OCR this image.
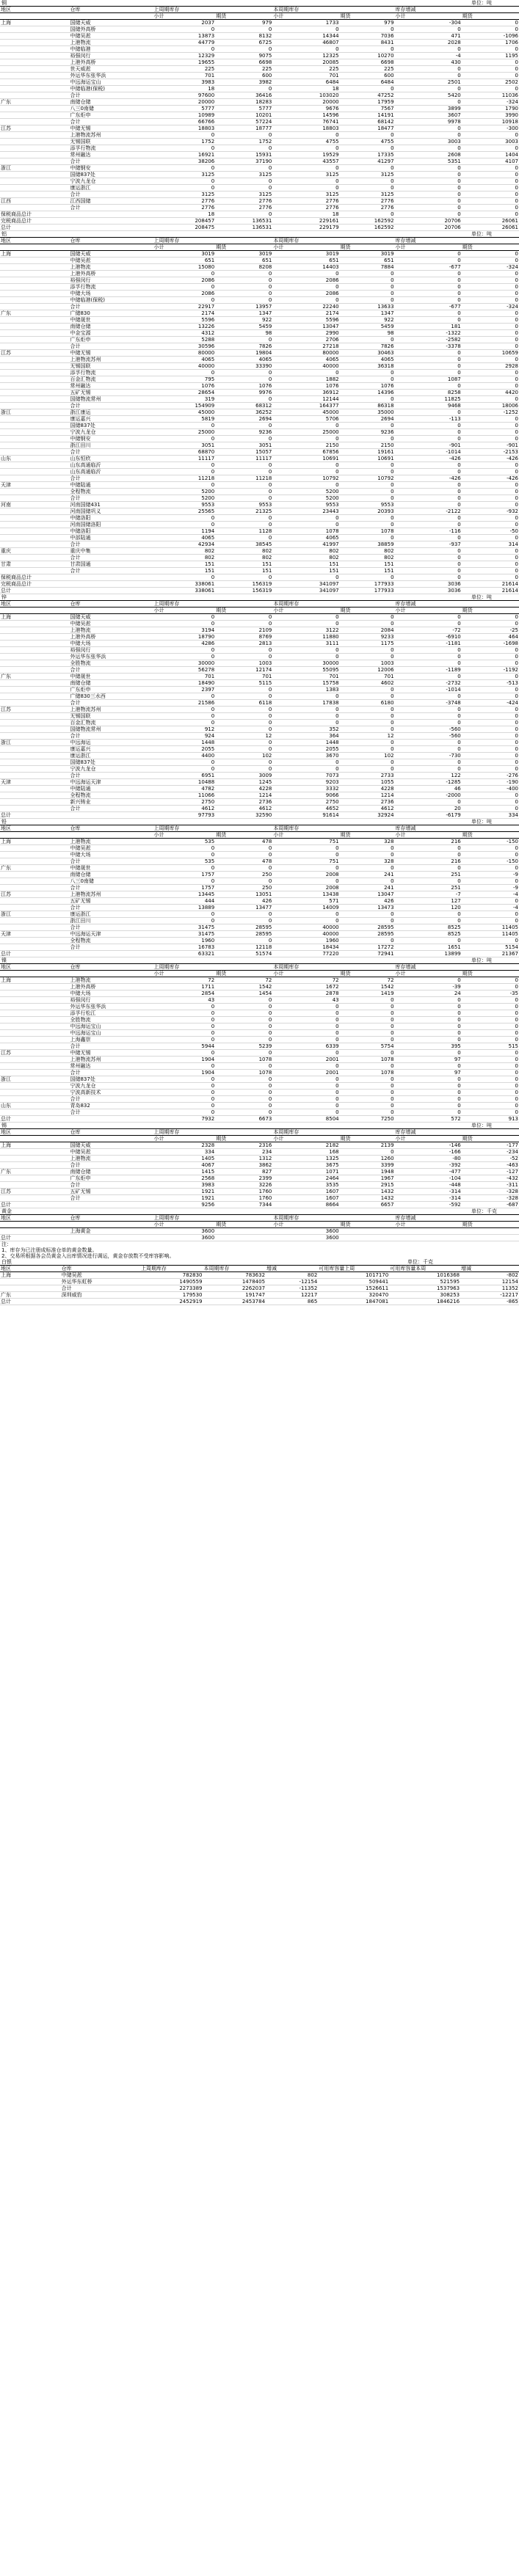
铜	单位：吨
地区	仓库	上周期库存		本周期库存		库存增减	
		小计	期货	小计	期货	小计	期货
上海	国储天威	2037	979	1733	979	-304	0
	国储外高桥	0	0	0	0	0	0
	中储吴淞	13873	8132	14344	7036	471	-1096
	上港物流	44779	6725	46807	8431	2028	1706
	中储临港	0	0	0	0	0	0
	裕强闵行	12329	9075	12325	10270	-4	1195
	上港外高桥	19655	6698	20085	6698	430	0
	世天威淞	225	225	225	225	0	0
	外运华东张华浜	701	600	701	600	0	0
	中远海运宝山	3983	3982	6484	6484	2501	2502
	中储临港(保税)	18	0	18	0	0	0
	合计	97600	36416	103020	47252	5420	11036
广东	南储仓储	20000	18283	20000	17959	0	-324
	八三0南储	5777	5777	9676	7567	3899	1790
	广东炬申	10989	10201	14596	14191	3607	3990
	合计	66766	57224	76741	68142	9978	10918
江苏	中储无锡	18803	18777	18803	18477	0	-300
	上港物流苏州	0	0	0	0	0	0
	无锡国联	1752	1752	4755	4755	3003	3003
	添孚行物流	0	0	0	0	0	0
	常州融达	16921	15931	19529	17335	2608	1404
	合计	38206	37190	43557	41297	5351	4107
浙江	中储钢安	0	0	0	0	0	0
	国储837处	3125	3125	3125	3125	0	0
	宁波九龙仓	0	0	0	0	0	0
	康运浙江	0	0	0	0	0	0
	合计	3125	3125	3125	3125	0	0
江西	江西国储	2776	2776	2776	2776	0	0
	合计	2776	2776	2776	2776	0	0
保税商品总计		18	0	18	0	0	0
完税商品总计		208457	136531	229161	162592	20706	26061
总计		208475	136531	229179	162592	20706	26061
铝	单位：吨
地区	仓库	上周期库存		本周期库存		库存增减	
		小计	期货	小计	期货	小计	期货
上海	国储天威	3019	3019	3019	3019	0	0
	中储吴淞	651	651	651	651	0	0
	上港物流	15080	8208	14403	7884	-677	-324
	上港外高桥	0	0	0	0	0	0
	裕强闵行	2086	0	2086	0	0	0
	添孚行物流	0	0	0	0	0	0
	中储大场	2086	0	2086	0	0	0
	中储临港(保税)	0	0	0	0	0	0
	合计	22917	13957	22240	13633	-677	-324
广东	广储830	2174	1347	2174	1347	0	0
	中储晟世	5596	922	5596	922	0	0
	南储仓储	13226	5459	13047	5459	181	0
	中金宝源	4312	98	2990	98	-1322	0
	广东炬申	5288	0	2706	0	-2582	0
	合计	30596	7826	27218	7826	-3378	0
江苏	中储无锡	80000	19804	80000	30463	0	10659
	上港物流苏州	4065	4065	4065	4065	0	0
	无锡国联	40000	33390	40000	36318	0	2928
	添孚行物流	0	0	0	0	0	0
	百金汇物流	795	0	1882	0	1087	0
	常州融达	1076	1076	1076	1076	0	0
	五矿无锡	28654	9976	36912	14396	8258	4420
	国储物流常州	319	0	12144	0	11825	0
	合计	154909	68312	164377	86318	9468	18006
浙江	浙江康运	45000	36252	45000	35000	0	-1252
	康运嘉兴	5819	2694	5706	2694	-113	0
	国储837处	0	0	0	0	0	0
	宁波九龙仓	25000	9236	25000	9236	0	0
	中储钢安	0	0	0	0	0	0
	浙江田川	3051	3051	2150	2150	-901	-901
	合计	68870	15057	67856	19161	-1014	-2153
山东	山东恒欣	11117	11117	10691	10691	-426	-426
	山东高通临沂	0	0	0	0	0	0
	山东高通临沂	0	0	0	0	0	0
	合计	11218	11218	10792	10792	-426	-426
天津	中储陆通	0	0	0	0	0	0
	全程物流	5200	0	5200	0	0	0
	合计	5200	0	5200	0	0	0
河南	河南国储431	9553	9553	9553	9553	0	0
	河南国储巩义	25565	21325	23443	20393	-2122	-932
	中储洛阳	0	0	0	0	0	0
	河南国储洛阳	0	0	0	0	0	0
	中储洛阳	1194	1128	1078	1078	-116	-50
	中部陆通	4065	0	4065	0	0	0
	合计	42934	38545	41997	38859	-937	314
重庆	重庆中集	802	802	802	802	0	0
	合计	802	802	802	802	0	0
甘肃	甘肃国通	151	151	151	151	0	0
	合计	151	151	151	151	0	0
保税商品总计		0	0	0	0	0	0
完税商品总计		338061	156319	341097	177933	3036	21614
总计		338061	156319	341097	177933	3036	21614
锌	单位：吨
地区	仓库	上周期库存		本周期库存		库存增减	
		小计	期货	小计	期货	小计	期货
上海	国储天威	0	0	0	0	0	0
	中储吴淞	0	0	0	0	0	0
	上港物流	3194	2109	3122	2084	-72	-25
	上港外高桥	18790	8769	11880	9233	-6910	464
	中储大场	4286	2813	3111	1175	-1181	-1698
	裕强闵行	0	0	0	0	0	0
	外运华东张华浜	0	0	0	0	0	0
	全胜物流	30000	1003	30000	1003	0	0
	合计	56278	12174	55095	12006	-1189	-1192
广东	中储晟世	701	701	701	701	0	0
	南储仓储	18490	5115	15758	4602	-2732	-513
	广东炬申	2397	0	1383	0	-1014	0
	广储830三水西	0	0	0	0	0	0
	合计	21586	6118	17838	6180	-3748	-424
江苏	上港物流苏州	0	0	0	0	0	0
	无锡国联	0	0	0	0	0	0
	百金汇物流	0	0	0	0	0	0
	国储物流常州	912	0	352	0	-560	0
	合计	924	12	364	12	-560	0
浙江	中远海运	1448	0	1448	0	0	0
	康运嘉兴	2055	0	2055	0	0	0
	康运浙江	4400	102	3670	102	-730	0
	国储837处	0	0	0	0	0	0
	宁波九龙仓	0	0	0	0	0	0
	合计	6951	3009	7073	2733	122	-276
天津	中远海运天津	10488	1245	9203	1055	-1285	-190
	中储陆通	4782	4228	3332	4228	46	-400
	全程物流	11066	1214	9066	1214	-2000	0
	新兴铸业	2750	2736	2750	2736	0	0
	合计	4612	4612	4652	4612	20	0
总计		97793	32590	91614	32924	-6179	334
铅	单位：吨
地区	仓库	上周期库存		本周期库存		库存增减	
		小计	期货	小计	期货	小计	期货
上海	上港物流	535	478	751	328	216	-150
	中储吴淞	0	0	0	0	0	0
	中储大场	0	0	0	0	0	0
	合计	535	478	751	328	216	-150
广东	中储晟世	0	0	0	0	0	0
	南储仓储	1757	250	2008	241	251	-9
	八三0南储	0	0	0	0	0	0
	合计	1757	250	2008	241	251	-9
江苏	上港物流苏州	13445	13051	13438	13047	-7	-4
	五矿无锡	444	426	571	426	127	0
	合计	13889	13477	14009	13473	120	-4
浙江	康运浙江	0	0	0	0	0	0
	浙江田川	0	0	0	0	0	0
	合计	31475	28595	40000	28595	8525	11405
天津	中远海运天津	31475	28595	40000	28595	8525	11405
	全程物流	1960	0	1960	0	0	0
	合计	16783	12118	18434	17272	1651	5154
总计		63321	51574	77220	72941	13899	21367
镍	单位：吨
地区	仓库	上周期库存		本周期库存		库存增减	
		小计	期货	小计	期货	小计	期货
上海	上港物流	72	72	72	72	0	0
	上港外高桥	1711	1542	1672	1542	-39	0
	中储大场	2854	1454	2878	1419	24	-35
	裕强闵行	43	0	43	0	0	0
	外运华东张华浜	0	0	0	0	0	0
	添孚行松江	0	0	0	0	0	0
	全胜物流	0	0	0	0	0	0
	中远海运宝山	0	0	0	0	0	0
	中远海运宝山	0	0	0	0	0	0
	上海鑫崇	0	0	0	0	0	0
	合计	5944	5239	6339	5754	395	515
江苏	中储无锡	0	0	0	0	0	0
	上港物流苏州	1904	1078	2001	1078	97	0
	常州融达	0	0	0	0	0	0
	合计	1904	1078	2001	1078	97	0
浙江	国储837处	0	0	0	0	0	0
	宁波九龙仓	0	0	0	0	0	0
	宁波高新技术	0	0	0	0	0	0
	合计	0	0	0	0	0	0
山东	青岛832	0	0	0	0	0	0
	合计	0	0	0	0	0	0
总计		7932	6673	8504	7250	572	913
锡	单位：吨
地区	仓库	上周期库存		本周期库存		库存增减	
		小计	期货	小计	期货	小计	期货
上海	国储天威	2328	2316	2182	2139	-146	-177
	中储吴淞	334	234	168	0	-166	-234
	上港物流	1405	1312	1325	1260	-80	-52
	合计	4067	3862	3675	3399	-392	-463
广东	南储仓储	1415	827	1071	1948	-477	-127
	广东炬申	2568	2399	2464	1967	-104	-432
	合计	3983	3226	3535	2915	-448	-311
江苏	五矿无锡	1921	1760	1607	1432	-314	-328
	合计	1921	1760	1607	1432	-314	-328
总计		9256	7344	8664	6657	-592	-687
黄金	单位：千克
地区	仓库	上周期库存		本周期库存		库存增减	
		小计	期货	小计	期货	小计	期货
	上海黄金	3600		3600			
总计		3600		3600			
注：
1、库存为已注册成标准仓单的黄金数量。
2、交易所根据各会员黄金入出库情况进行调运，黄金存放数不受库容影响。
白银	单位：千克
地区	仓库	上周期库存	本周期库存	增减	可用库容量上周	可用库容量本周	增减
上海	中储吴淞	782830	783632	802	1017170	1016368	-802
	外运华东虹桥	1490559	1478405	-12154	509441	521595	12154
	合计	2273389	2262037	-11352	1526611	1537963	11352
广东	深圳威豹	179530	191747	12217	320470	308253	-12217
总计		2452919	2453784	865	1847081	1846216	-865
